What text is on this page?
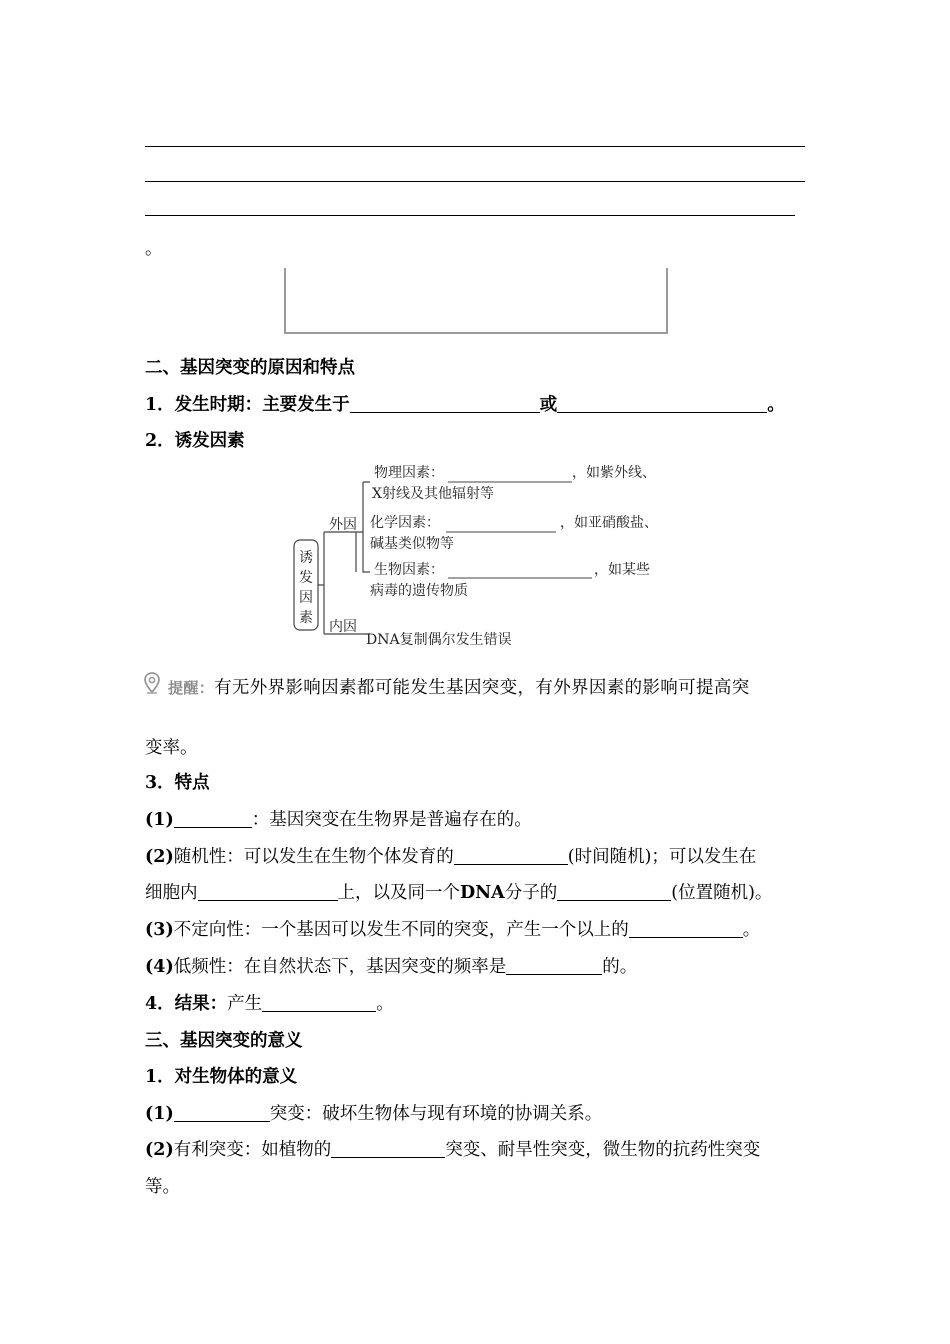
。
二、基因突变的原因和特点
1．发生时期：主要发生于	或	。
2．诱发因素
诱
发
因
素
外因
内因
物理因素：	，如紫外线、
X射线及其他辐射等
化学因素：	，如亚硝酸盐、
碱基类似物等
生物因素：	，如某些
病毒的遗传物质
DNA复制偶尔发生错误
提醒：有无外界影响因素都可能发生基因突变，有外界因素的影响可提高突
变率。
3．特点
(1)	：基因突变在生物界是普遍存在的。
(2)随机性：可以发生在生物个体发育的	(时间随机)；可以发生在
细胞内	上，以及同一个DNA分子的	(位置随机)。
(3)不定向性：一个基因可以发生不同的突变，产生一个以上的	。
(4)低频性：在自然状态下，基因突变的频率是	的。
4．结果：产生	。
三、基因突变的意义
1．对生物体的意义
(1)	突变：破坏生物体与现有环境的协调关系。
(2)有利突变：如植物的	突变、耐旱性突变，微生物的抗药性突变
等。
